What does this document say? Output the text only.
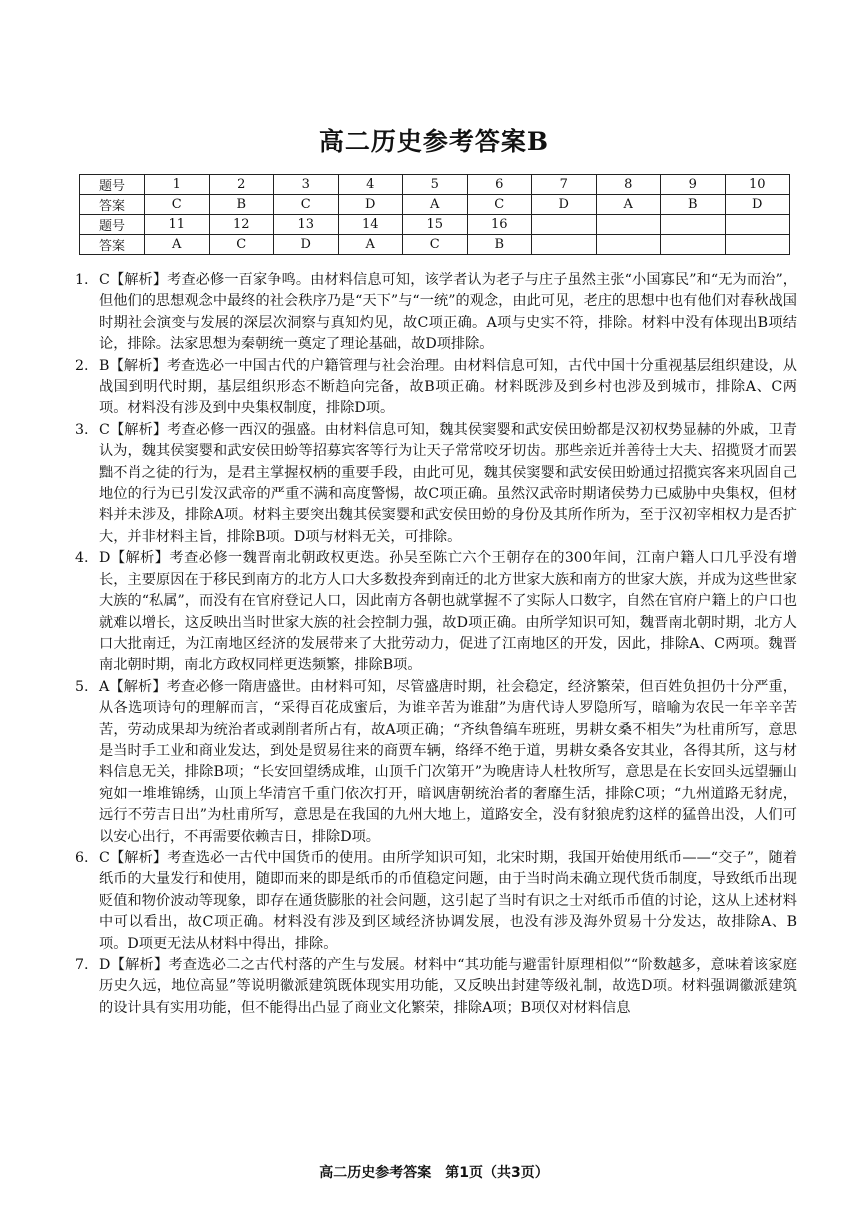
高二历史参考答案B
题号	1	2	3	4	5	6	7	8	9	10
答案	C	B	C	D	A	C	D	A	B	D
题号	11	12	13	14	15	16				
答案	A	C	D	A	C	B				
1. C【解析】考查必修一百家争鸣。由材料信息可知，该学者认为老子与庄子虽然主张“小国寡民”和“无为而治”，但他们的思想观念中最终的社会秩序乃是“天下”与“一统”的观念，由此可见，老庄的思想中也有他们对春秋战国时期社会演变与发展的深层次洞察与真知灼见，故C项正确。A项与史实不符，排除。材料中没有体现出B项结论，排除。法家思想为秦朝统一奠定了理论基础，故D项排除。
2. B【解析】考查选必一中国古代的户籍管理与社会治理。由材料信息可知，古代中国十分重视基层组织建设，从战国到明代时期，基层组织形态不断趋向完备，故B项正确。材料既涉及到乡村也涉及到城市，排除A、C两项。材料没有涉及到中央集权制度，排除D项。
3. C【解析】考查必修一西汉的强盛。由材料信息可知，魏其侯窦婴和武安侯田蚡都是汉初权势显赫的外戚，卫青认为，魏其侯窦婴和武安侯田蚡等招募宾客等行为让天子常常咬牙切齿。那些亲近并善待士大夫、招揽贤才而罢黜不肖之徒的行为，是君主掌握权柄的重要手段，由此可见，魏其侯窦婴和武安侯田蚡通过招揽宾客来巩固自己地位的行为已引发汉武帝的严重不满和高度警惕，故C项正确。虽然汉武帝时期诸侯势力已威胁中央集权，但材料并未涉及，排除A项。材料主要突出魏其侯窦婴和武安侯田蚡的身份及其所作所为，至于汉初宰相权力是否扩大，并非材料主旨，排除B项。D项与材料无关，可排除。
4. D【解析】考查必修一魏晋南北朝政权更迭。孙吴至陈亡六个王朝存在的300年间，江南户籍人口几乎没有增长，主要原因在于移民到南方的北方人口大多数投奔到南迁的北方世家大族和南方的世家大族，并成为这些世家大族的“私属”，而没有在官府登记人口，因此南方各朝也就掌握不了实际人口数字，自然在官府户籍上的户口也就难以增长，这反映出当时世家大族的社会控制力强，故D项正确。由所学知识可知，魏晋南北朝时期，北方人口大批南迁，为江南地区经济的发展带来了大批劳动力，促进了江南地区的开发，因此，排除A、C两项。魏晋南北朝时期，南北方政权同样更迭频繁，排除B项。
5. A【解析】考查必修一隋唐盛世。由材料可知，尽管盛唐时期，社会稳定，经济繁荣，但百姓负担仍十分严重，从各选项诗句的理解而言，“采得百花成蜜后，为谁辛苦为谁甜”为唐代诗人罗隐所写，暗喻为农民一年辛辛苦苦，劳动成果却为统治者或剥削者所占有，故A项正确；“齐纨鲁缟车班班，男耕女桑不相失”为杜甫所写，意思是当时手工业和商业发达，到处是贸易往来的商贾车辆，络绎不绝于道，男耕女桑各安其业，各得其所，这与材料信息无关，排除B项；“长安回望绣成堆，山顶千门次第开”为晚唐诗人杜牧所写，意思是在长安回头远望骊山宛如一堆堆锦绣，山顶上华清宫千重门依次打开，暗讽唐朝统治者的奢靡生活，排除C项；“九州道路无豺虎，远行不劳吉日出”为杜甫所写，意思是在我国的九州大地上，道路安全，没有豺狼虎豹这样的猛兽出没，人们可以安心出行，不再需要依赖吉日，排除D项。
6. C【解析】考查选必一古代中国货币的使用。由所学知识可知，北宋时期，我国开始使用纸币——“交子”，随着纸币的大量发行和使用，随即而来的即是纸币的币值稳定问题，由于当时尚未确立现代货币制度，导致纸币出现贬值和物价波动等现象，即存在通货膨胀的社会问题，这引起了当时有识之士对纸币币值的讨论，这从上述材料中可以看出，故C项正确。材料没有涉及到区域经济协调发展，也没有涉及海外贸易十分发达，故排除A、B项。D项更无法从材料中得出，排除。
7. D【解析】考查选必二之古代村落的产生与发展。材料中“其功能与避雷针原理相似”“阶数越多，意味着该家庭历史久远，地位高显”等说明徽派建筑既体现实用功能，又反映出封建等级礼制，故选D项。材料强调徽派建筑的设计具有实用功能，但不能得出凸显了商业文化繁荣，排除A项；B项仅对材料信息
高二历史参考答案　第1页（共3页）
